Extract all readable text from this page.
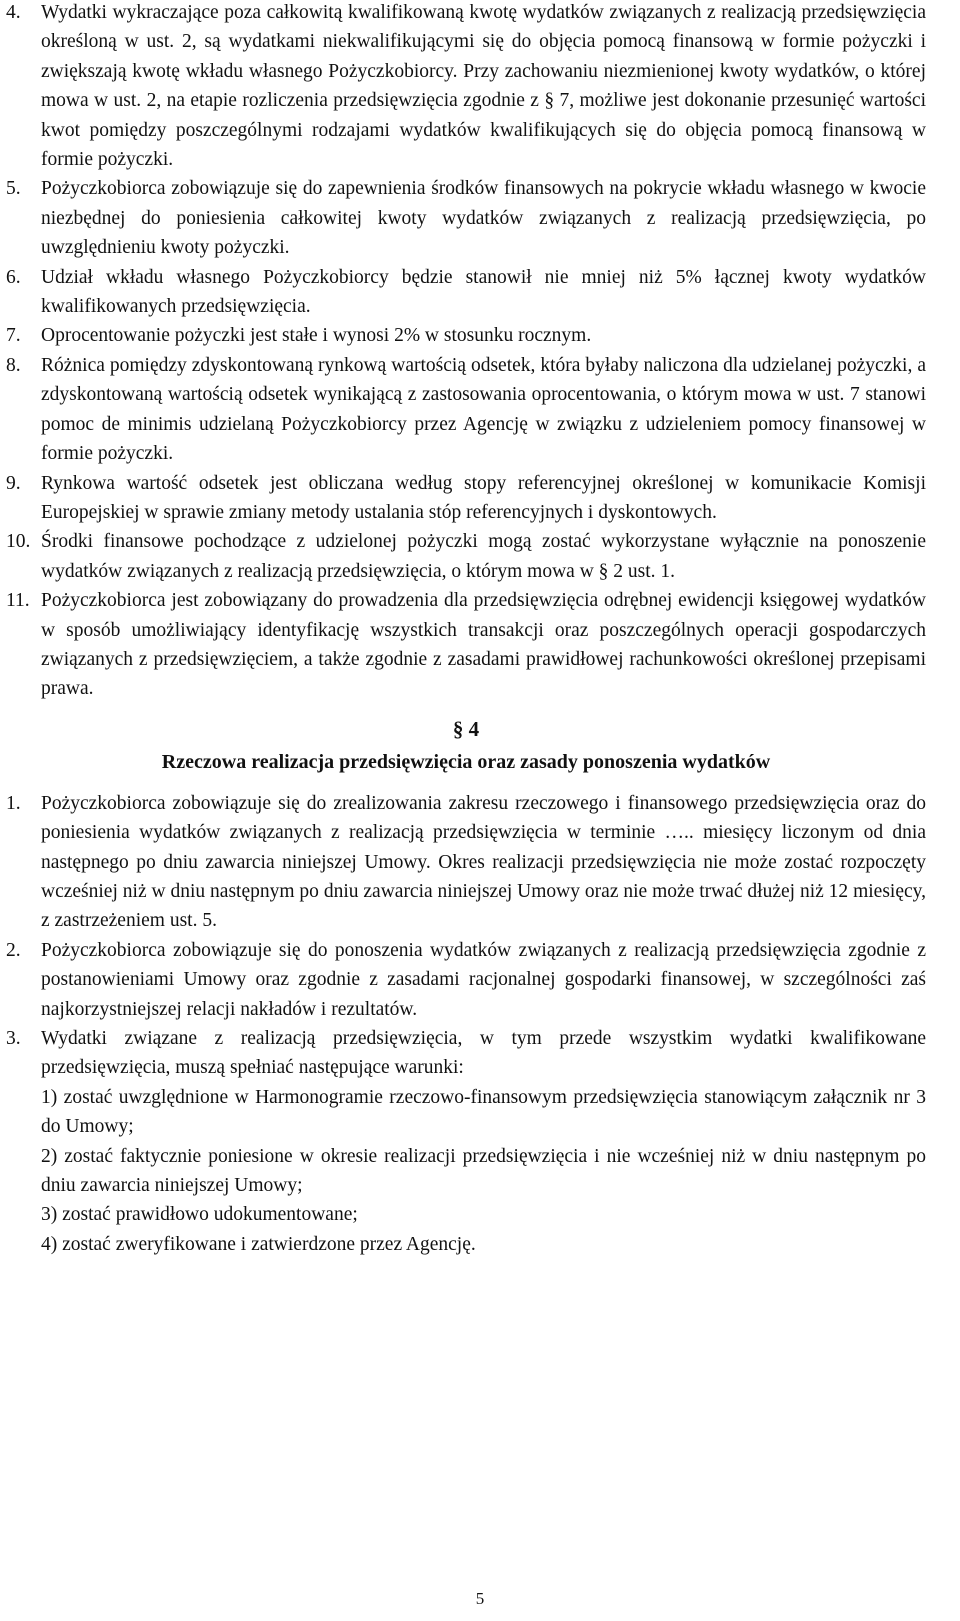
4. Wydatki wykraczające poza całkowitą kwalifikowaną kwotę wydatków związanych z realizacją przedsięwzięcia określoną w ust. 2, są wydatkami niekwalifikującymi się do objęcia pomocą finansową w formie pożyczki i zwiększają kwotę wkładu własnego Pożyczkobiorcy. Przy zachowaniu niezmienionej kwoty wydatków, o której mowa w ust. 2, na etapie rozliczenia przedsięwzięcia zgodnie z § 7, możliwe jest dokonanie przesunięć wartości kwot pomiędzy poszczególnymi rodzajami wydatków kwalifikujących się do objęcia pomocą finansową w formie pożyczki.
5. Pożyczkobiorca zobowiązuje się do zapewnienia środków finansowych na pokrycie wkładu własnego w kwocie niezbędnej do poniesienia całkowitej kwoty wydatków związanych z realizacją przedsięwzięcia, po uwzględnieniu kwoty pożyczki.
6. Udział wkładu własnego Pożyczkobiorcy będzie stanowił nie mniej niż 5% łącznej kwoty wydatków kwalifikowanych przedsięwzięcia.
7. Oprocentowanie pożyczki jest stałe i wynosi 2% w stosunku rocznym.
8. Różnica pomiędzy zdyskontowaną rynkową wartością odsetek, która byłaby naliczona dla udzielanej pożyczki, a zdyskontowaną wartością odsetek wynikającą z zastosowania oprocentowania, o którym mowa w ust. 7 stanowi pomoc de minimis udzielaną Pożyczkobiorcy przez Agencję w związku z udzieleniem pomocy finansowej w formie pożyczki.
9. Rynkowa wartość odsetek jest obliczana według stopy referencyjnej określonej w komunikacie Komisji Europejskiej w sprawie zmiany metody ustalania stóp referencyjnych i dyskontowych.
10. Środki finansowe pochodzące z udzielonej pożyczki mogą zostać wykorzystane wyłącznie na ponoszenie wydatków związanych z realizacją przedsięwzięcia, o którym mowa w § 2 ust. 1.
11. Pożyczkobiorca jest zobowiązany do prowadzenia dla przedsięwzięcia odrębnej ewidencji księgowej wydatków w sposób umożliwiający identyfikację wszystkich transakcji oraz poszczególnych operacji gospodarczych związanych z przedsięwzięciem, a także zgodnie z zasadami prawidłowej rachunkowości określonej przepisami prawa.
§ 4
Rzeczowa realizacja przedsięwzięcia oraz zasady ponoszenia wydatków
1. Pożyczkobiorca zobowiązuje się do zrealizowania zakresu rzeczowego i finansowego przedsięwzięcia oraz do poniesienia wydatków związanych z realizacją przedsięwzięcia w terminie ….. miesięcy liczonym od dnia następnego po dniu zawarcia niniejszej Umowy. Okres realizacji przedsięwzięcia nie może zostać rozpoczęty wcześniej niż w dniu następnym po dniu zawarcia niniejszej Umowy oraz nie może trwać dłużej niż 12 miesięcy, z zastrzeżeniem ust. 5.
2. Pożyczkobiorca zobowiązuje się do ponoszenia wydatków związanych z realizacją przedsięwzięcia zgodnie z postanowieniami Umowy oraz zgodnie z zasadami racjonalnej gospodarki finansowej, w szczególności zaś najkorzystniejszej relacji nakładów i rezultatów.
3. Wydatki związane z realizacją przedsięwzięcia, w tym przede wszystkim wydatki kwalifikowane przedsięwzięcia, muszą spełniać następujące warunki:
1) zostać uwzględnione w Harmonogramie rzeczowo-finansowym przedsięwzięcia stanowiącym załącznik nr 3 do Umowy;
2) zostać faktycznie poniesione w okresie realizacji przedsięwzięcia i nie wcześniej niż w dniu następnym po dniu zawarcia niniejszej Umowy;
3) zostać prawidłowo udokumentowane;
4) zostać zweryfikowane i zatwierdzone przez Agencję.
5
